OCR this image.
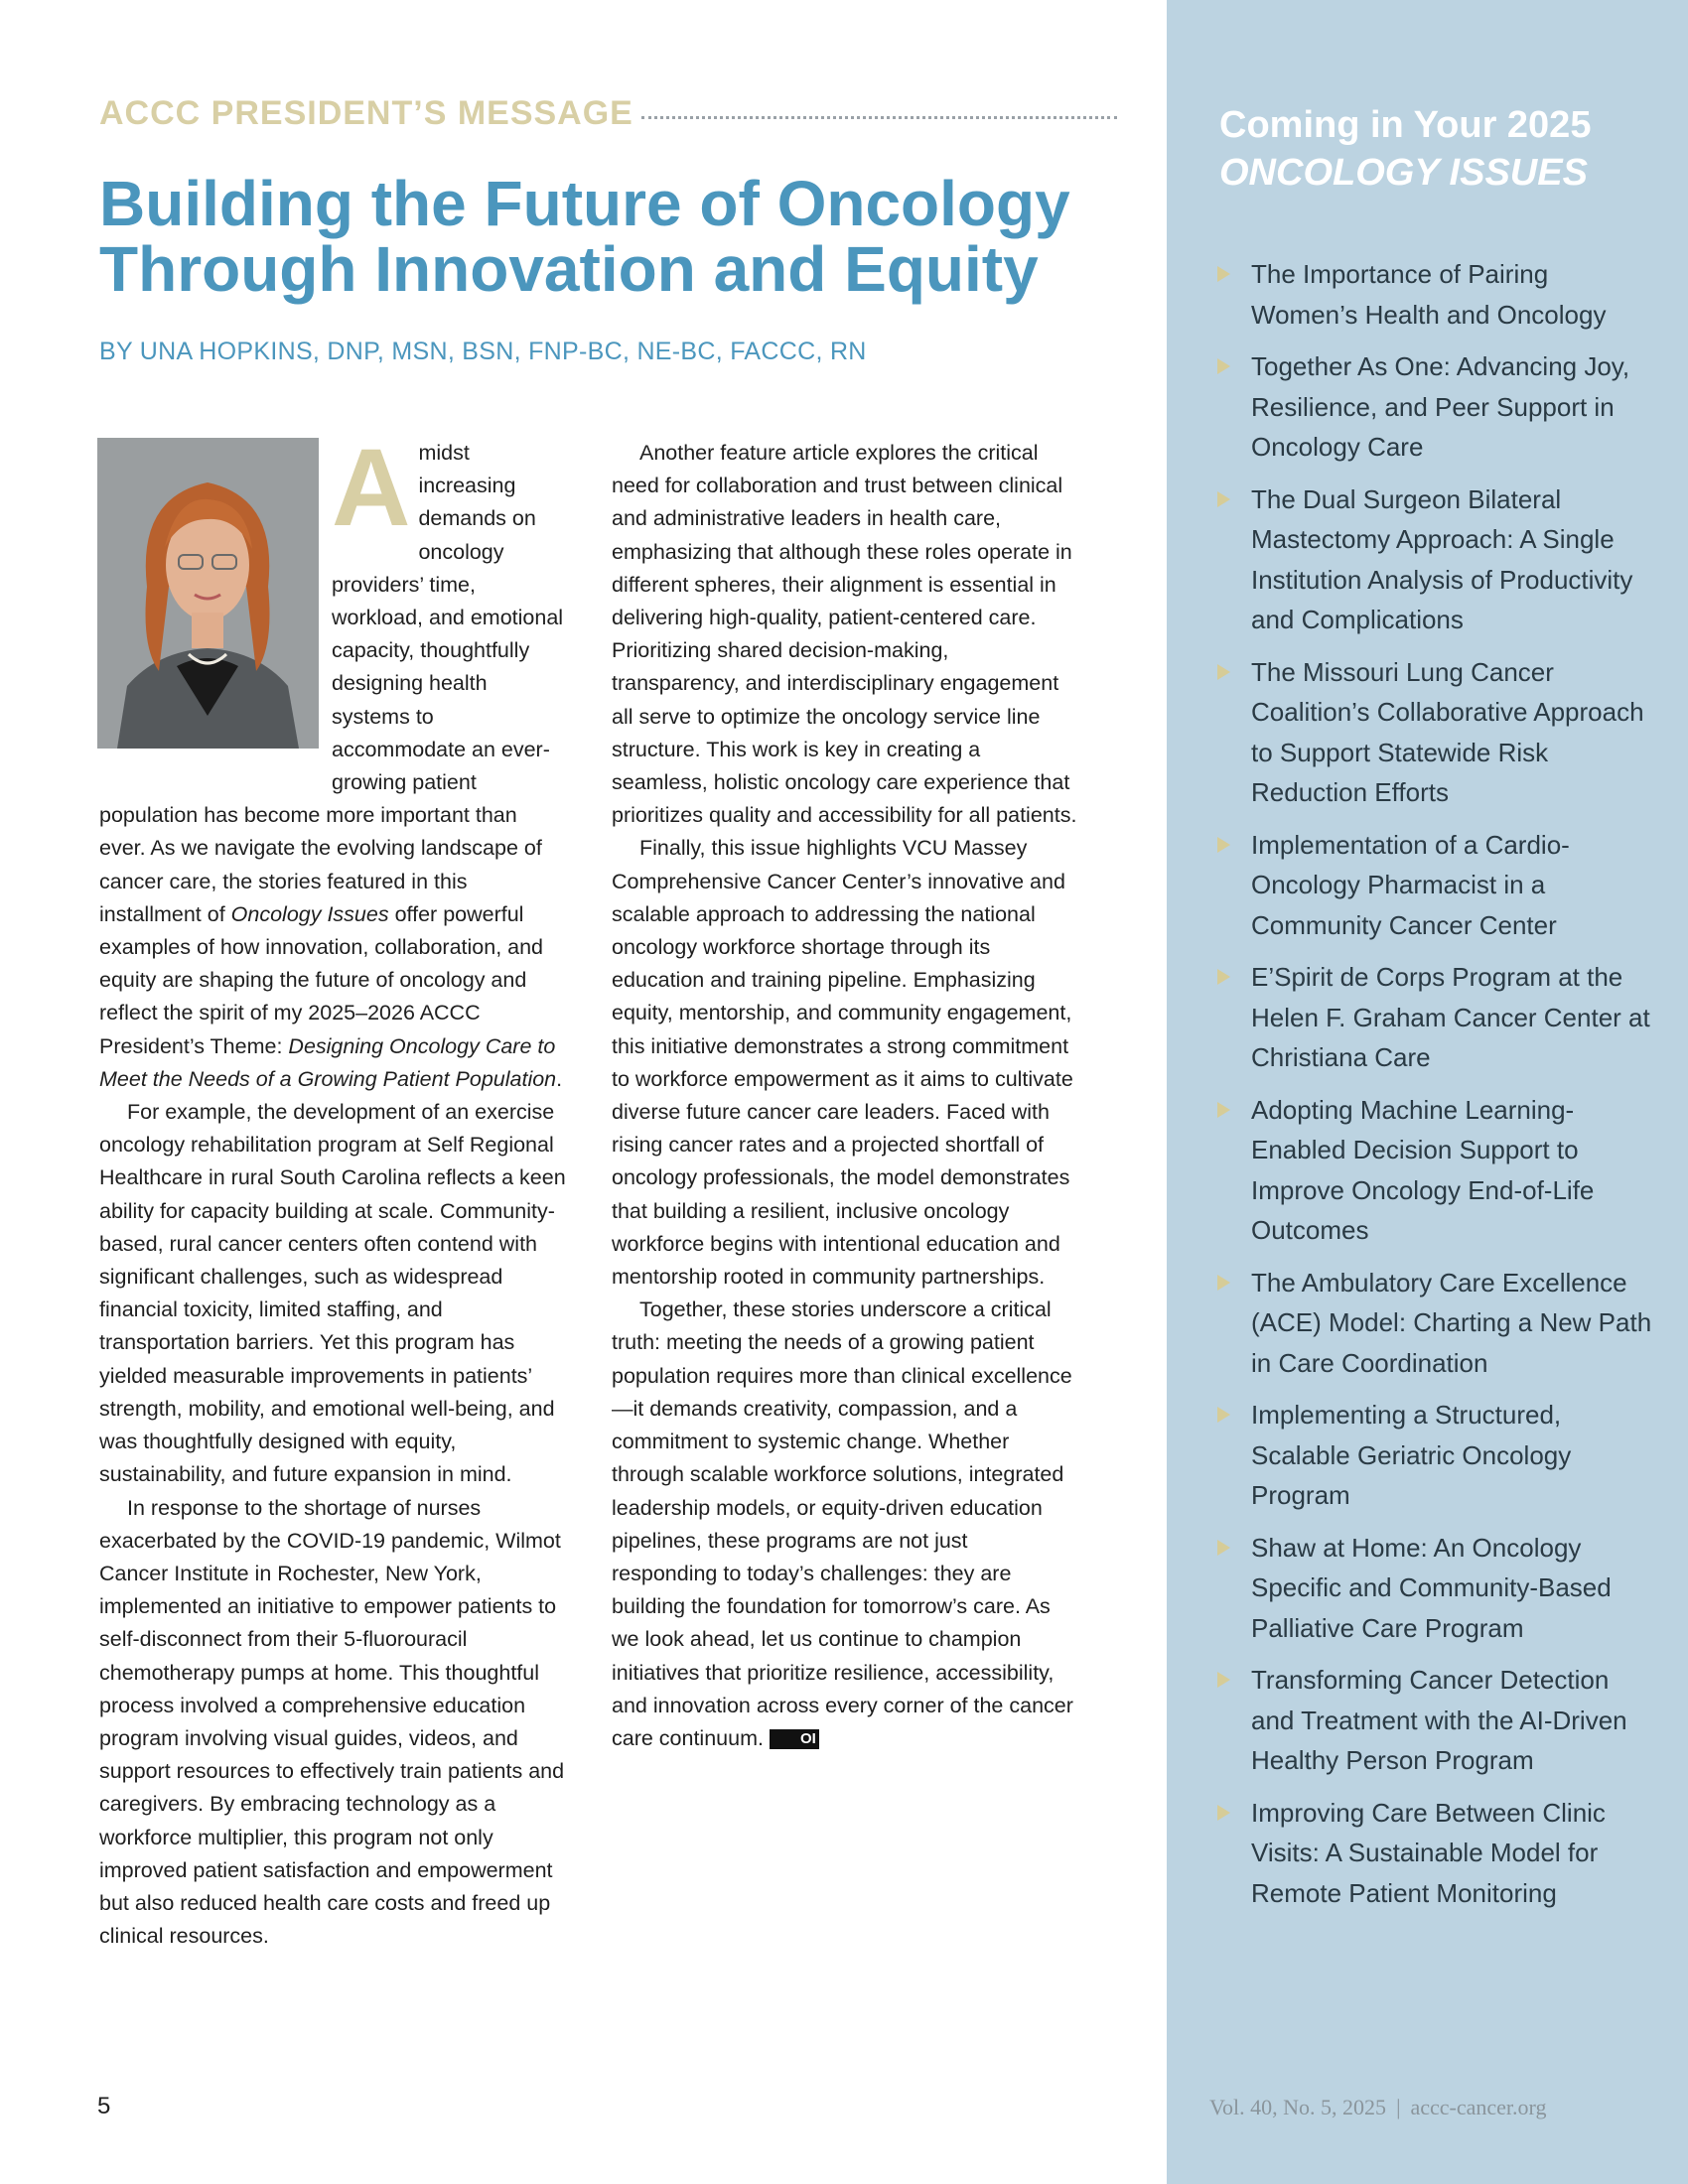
ACCC PRESIDENT’S MESSAGE
Building the Future of Oncology Through Innovation and Equity
BY UNA HOPKINS, DNP, MSN, BSN, FNP-BC, NE-BC, FACCC, RN

Amidst increasing demands on oncology providers’ time, workload, and emotional capacity, thoughtfully designing health systems to accommodate an ever-growing patient population has become more important than ever. As we navigate the evolving landscape of cancer care, the stories featured in this installment of Oncology Issues offer powerful examples of how innovation, collaboration, and equity are shaping the future of oncology and reflect the spirit of my 2025–2026 ACCC President’s Theme: Designing Oncology Care to Meet the Needs of a Growing Patient Population.

For example, the development of an exercise oncology rehabilitation program at Self Regional Healthcare in rural South Carolina reflects a keen ability for capacity building at scale. Community-based, rural cancer centers often contend with significant challenges, such as widespread financial toxicity, limited staffing, and transportation barriers. Yet this program has yielded measurable improvements in patients’ strength, mobility, and emotional well-being, and was thoughtfully designed with equity, sustainability, and future expansion in mind.

In response to the shortage of nurses exacerbated by the COVID-19 pandemic, Wilmot Cancer Institute in Rochester, New York, implemented an initiative to empower patients to self-disconnect from their 5-fluorouracil chemotherapy pumps at home. This thoughtful process involved a comprehensive education program involving visual guides, videos, and support resources to effectively train patients and caregivers. By embracing technology as a workforce multiplier, this program not only improved patient satisfaction and empowerment but also reduced health care costs and freed up clinical resources.

Another feature article explores the critical need for collaboration and trust between clinical and administrative leaders in health care, emphasizing that although these roles operate in different spheres, their alignment is essential in delivering high-quality, patient-centered care. Prioritizing shared decision-making, transparency, and interdisciplinary engagement all serve to optimize the oncology service line structure. This work is key in creating a seamless, holistic oncology care experience that prioritizes quality and accessibility for all patients.

Finally, this issue highlights VCU Massey Comprehensive Cancer Center’s innovative and scalable approach to addressing the national oncology workforce shortage through its education and training pipeline. Emphasizing equity, mentorship, and community engagement, this initiative demonstrates a strong commitment to workforce empowerment as it aims to cultivate diverse future cancer care leaders. Faced with rising cancer rates and a projected shortfall of oncology professionals, the model demonstrates that building a resilient, inclusive oncology workforce begins with intentional education and mentorship rooted in community partnerships.

Together, these stories underscore a critical truth: meeting the needs of a growing patient population requires more than clinical excellence—it demands creativity, compassion, and a commitment to systemic change. Whether through scalable workforce solutions, integrated leadership models, or equity-driven education pipelines, these programs are not just responding to today’s challenges: they are building the foundation for tomorrow’s care. As we look ahead, let us continue to champion initiatives that prioritize resilience, accessibility, and innovation across every corner of the cancer care continuum. OI

Coming in Your 2025
ONCOLOGY ISSUES
The Importance of Pairing Women’s Health and Oncology
Together As One: Advancing Joy, Resilience, and Peer Support in Oncology Care
The Dual Surgeon Bilateral Mastectomy Approach: A Single Institution Analysis of Productivity and Complications
The Missouri Lung Cancer Coalition’s Collaborative Approach to Support Statewide Risk Reduction Efforts
Implementation of a Cardio-Oncology Pharmacist in a Community Cancer Center
E’Spirit de Corps Program at the Helen F. Graham Cancer Center at Christiana Care
Adopting Machine Learning-Enabled Decision Support to Improve Oncology End-of-Life Outcomes
The Ambulatory Care Excellence (ACE) Model: Charting a New Path in Care Coordination
Implementing a Structured, Scalable Geriatric Oncology Program
Shaw at Home: An Oncology Specific and Community-Based Palliative Care Program
Transforming Cancer Detection and Treatment with the AI-Driven Healthy Person Program
Improving Care Between Clinic Visits: A Sustainable Model for Remote Patient Monitoring
5	Vol. 40, No. 5, 2025 | accc-cancer.org
